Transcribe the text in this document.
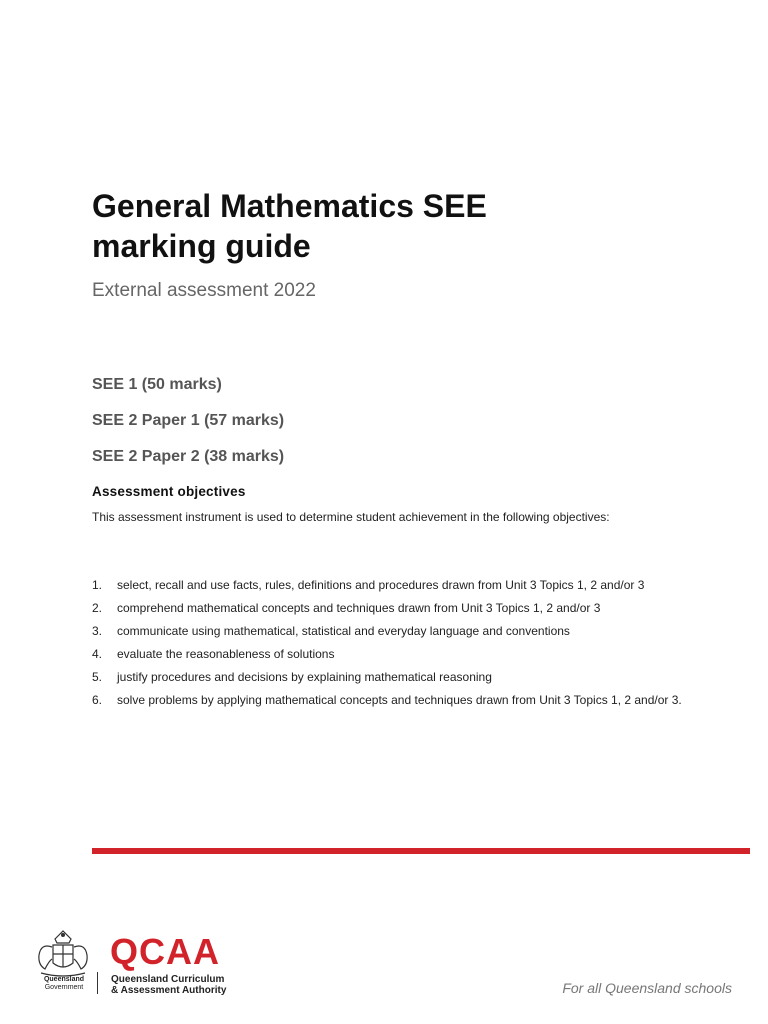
General Mathematics SEE
marking guide

External assessment 2022

SEE 1 (50 marks)

SEE 2 Paper 1 (57 marks)

SEE 2 Paper 2 (38 marks)

Assessment objectives

This assessment instrument is used to determine student achievement in the following objectives:

1.	select, recall and use facts, rules, definitions and procedures drawn from Unit 3 Topics 1, 2 and/or 3
2.	comprehend mathematical concepts and techniques drawn from Unit 3 Topics 1, 2 and/or 3
3.	communicate using mathematical, statistical and everyday language and conventions
4.	evaluate the reasonableness of solutions
5.	justify procedures and decisions by explaining mathematical reasoning
6.	solve problems by applying mathematical concepts and techniques drawn from Unit 3 Topics 1, 2 and/or 3.
Queensland
Government
QCAA
Queensland Curriculum
& Assessment Authority	For all Queensland schools
